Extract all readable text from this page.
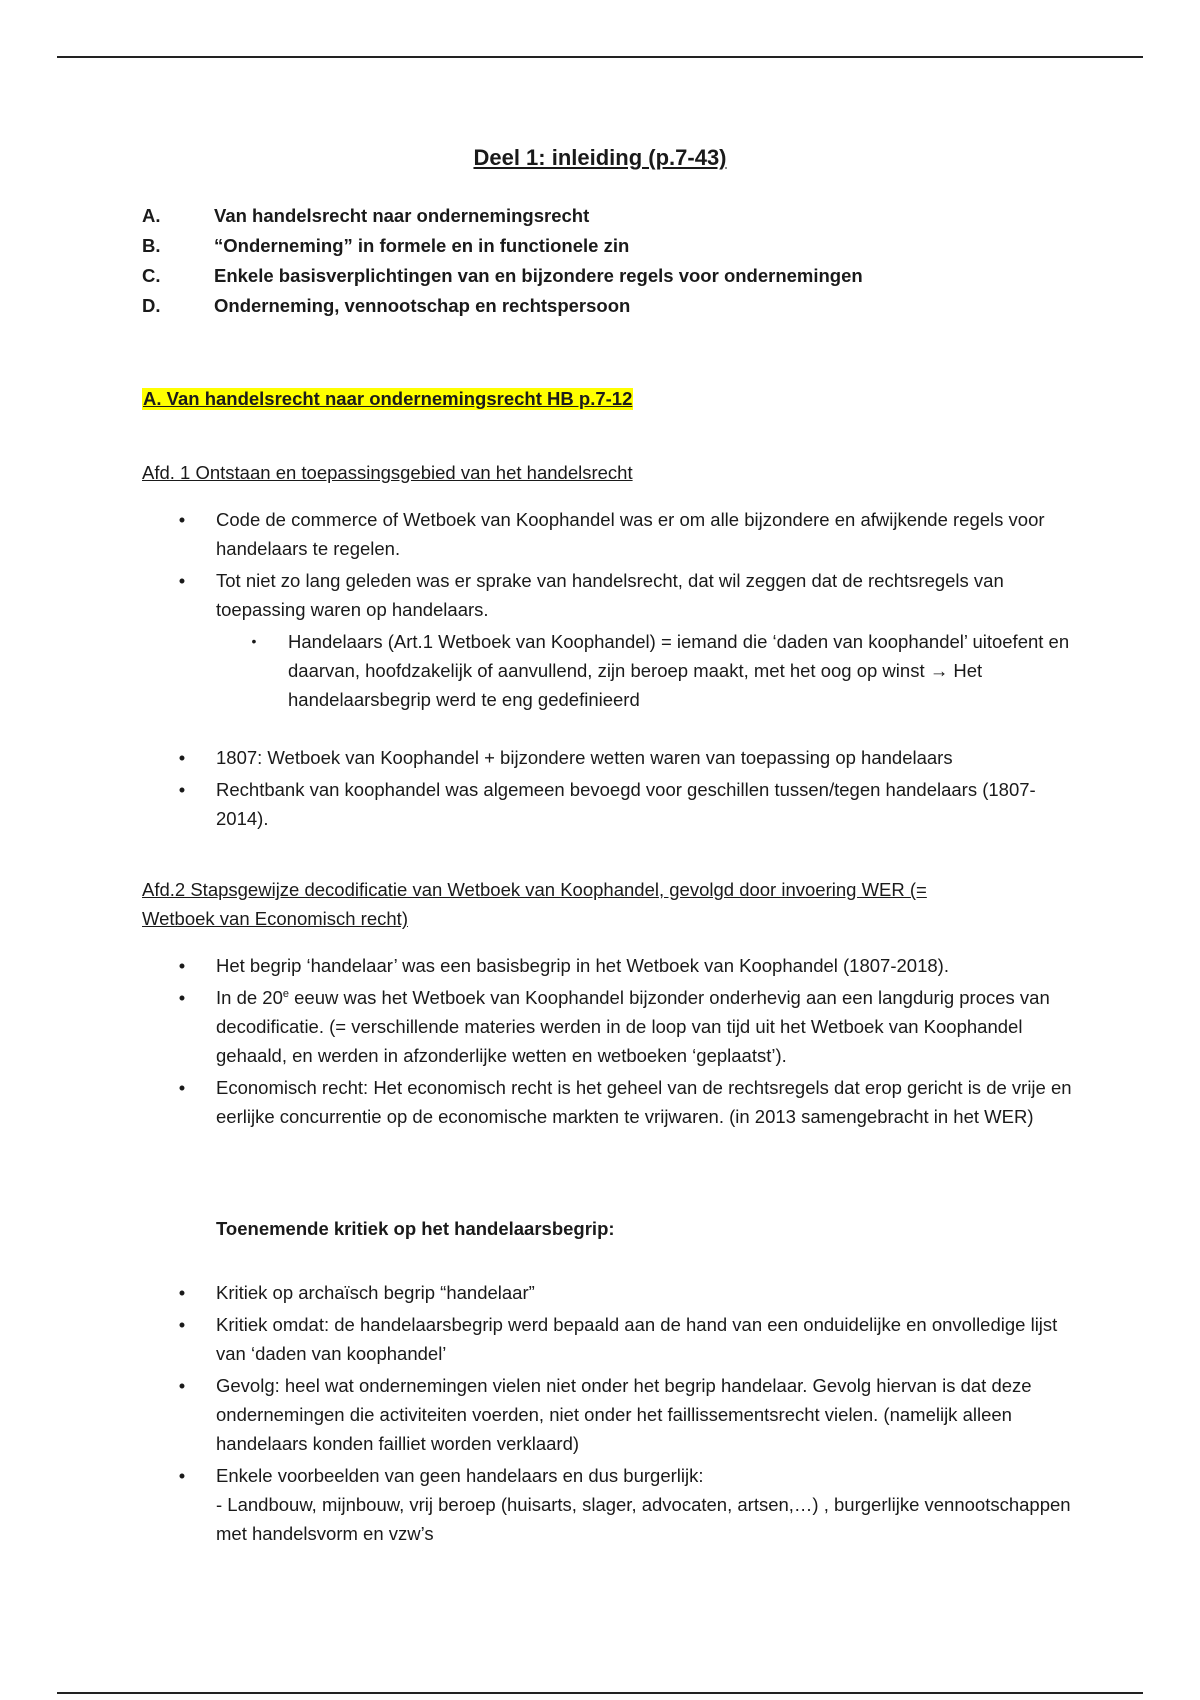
Deel 1: inleiding (p.7-43)
A.	Van handelsrecht naar ondernemingsrecht
B.	“Onderneming” in formele en in functionele zin
C.	Enkele basisverplichtingen van en bijzondere regels voor ondernemingen
D.	Onderneming, vennootschap en rechtspersoon
A. Van handelsrecht naar ondernemingsrecht HB p.7-12
Afd. 1 Ontstaan en toepassingsgebied van het handelsrecht
• Code de commerce of Wetboek van Koophandel was er om alle bijzondere en afwijkende regels voor handelaars te regelen.
• Tot niet zo lang geleden was er sprake van handelsrecht, dat wil zeggen dat de rechtsregels van toepassing waren op handelaars.
• Handelaars (Art.1 Wetboek van Koophandel) = iemand die ‘daden van koophandel’ uitoefent en daarvan, hoofdzakelijk of aanvullend, zijn beroep maakt, met het oog op winst → Het handelaarsbegrip werd te eng gedefinieerd
• 1807: Wetboek van Koophandel + bijzondere wetten waren van toepassing op handelaars
• Rechtbank van koophandel was algemeen bevoegd voor geschillen tussen/tegen handelaars (1807-2014).
Afd.2 Stapsgewijze decodificatie van Wetboek van Koophandel, gevolgd door invoering WER (=
Wetboek van Economisch recht)
• Het begrip ‘handelaar’ was een basisbegrip in het Wetboek van Koophandel (1807-2018).
• In de 20e eeuw was het Wetboek van Koophandel bijzonder onderhevig aan een langdurig proces van decodificatie. (= verschillende materies werden in de loop van tijd uit het Wetboek van Koophandel gehaald, en werden in afzonderlijke wetten en wetboeken ‘geplaatst’).
• Economisch recht: Het economisch recht is het geheel van de rechtsregels dat erop gericht is de vrije en eerlijke concurrentie op de economische markten te vrijwaren. (in 2013 samengebracht in het WER)
Toenemende kritiek op het handelaarsbegrip:
• Kritiek op archaïsch begrip “handelaar”
• Kritiek omdat: de handelaarsbegrip werd bepaald aan de hand van een onduidelijke en onvolledige lijst van ‘daden van koophandel’
• Gevolg: heel wat ondernemingen vielen niet onder het begrip handelaar. Gevolg hiervan is dat deze ondernemingen die activiteiten voerden, niet onder het faillissementsrecht vielen. (namelijk alleen handelaars konden failliet worden verklaard)
• Enkele voorbeelden van geen handelaars en dus burgerlijk:
- Landbouw, mijnbouw, vrij beroep (huisarts, slager, advocaten, artsen,…) , burgerlijke vennootschappen met handelsvorm en vzw’s
